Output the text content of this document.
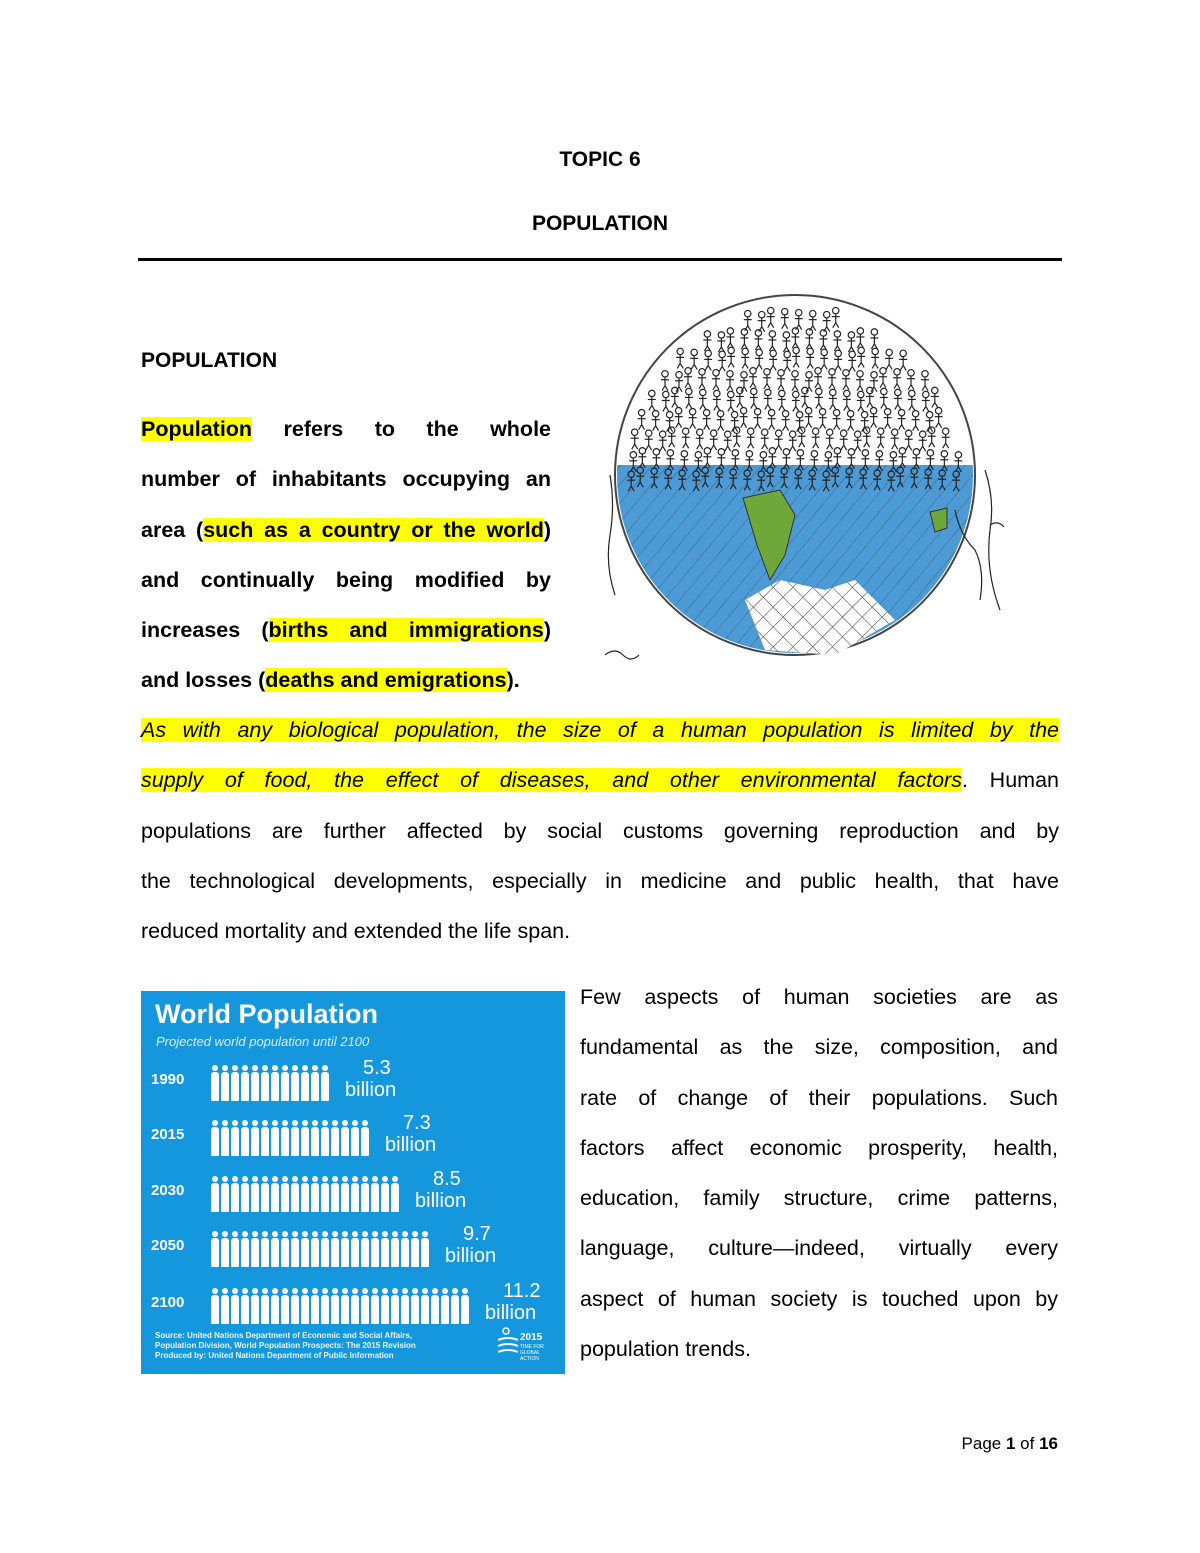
TOPIC 6
POPULATION
POPULATION
Population refers to the whole
number of inhabitants occupying an
area (such as a country or the world)
and continually being modified by
increases (births and immigrations)
and losses (deaths and emigrations).
As with any biological population, the size of a human population is limited by the
supply of food, the effect of diseases, and other environmental factors. Human
populations are further affected by social customs governing reproduction and by
the technological developments, especially in medicine and public health, that have
reduced mortality and extended the life span.
World Population
Projected world population until 2100
1990
5.3
billion
2015
7.3
billion
2030
8.5
billion
2050
9.7
billion
2100
11.2
billion
Source: United Nations Department of Economic and Social Affairs,
Population Division, World Population Prospects: The 2015 Revision
Produced by: United Nations Department of Public Information
2015
TIME FOR GLOBAL ACTION
Few aspects of human societies are as
fundamental as the size, composition, and
rate of change of their populations. Such
factors affect economic prosperity, health,
education, family structure, crime patterns,
language, culture—indeed, virtually every
aspect of human society is touched upon by
population trends.
Page 1 of 16
